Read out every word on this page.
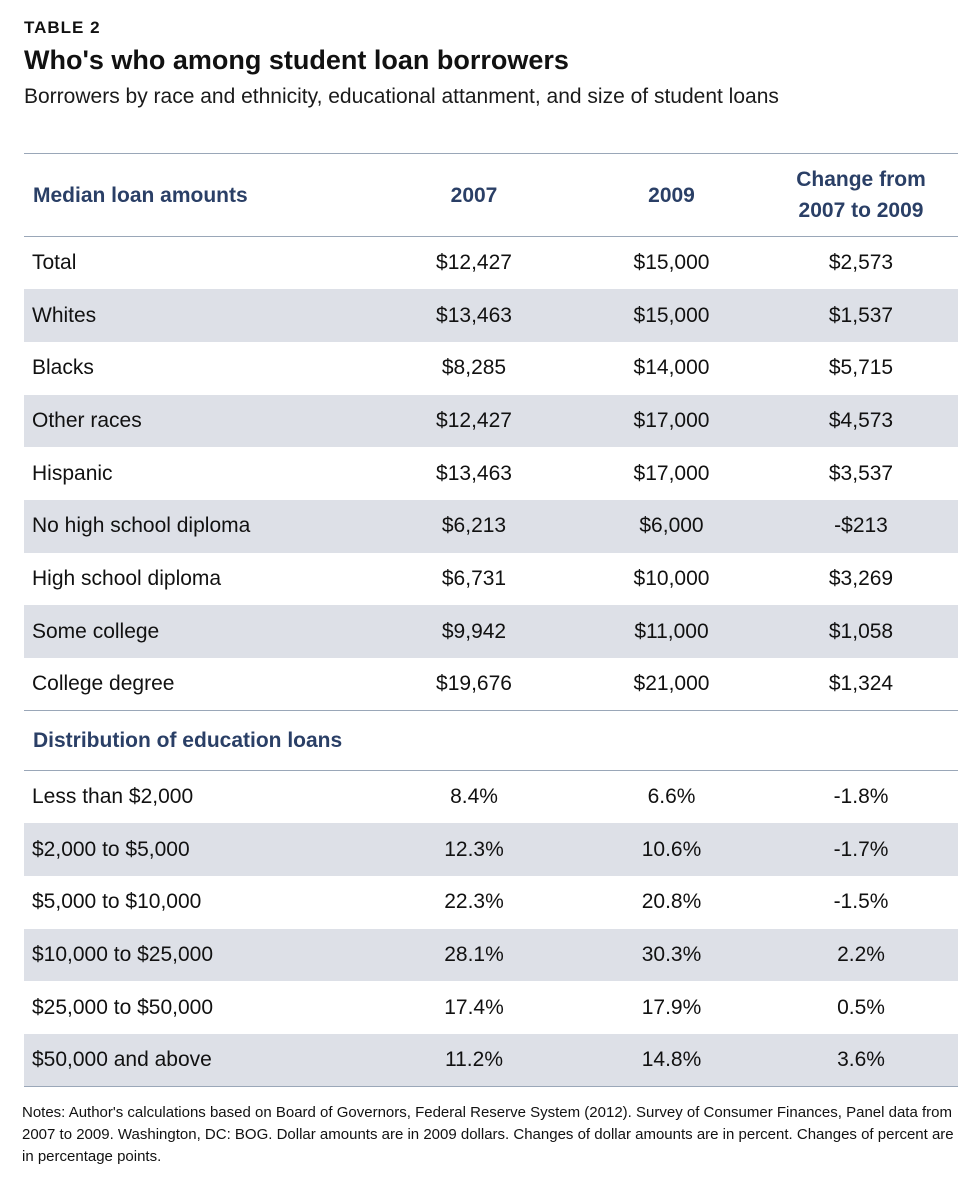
TABLE 2

Who's who among student loan borrowers

Borrowers by race and ethnicity, educational attanment, and size of student loans

Median loan amounts	2007	2009	Change from
2007 to 2009
Total	$12,427	$15,000	$2,573
Whites	$13,463	$15,000	$1,537
Blacks	$8,285	$14,000	$5,715
Other races	$12,427	$17,000	$4,573
Hispanic	$13,463	$17,000	$3,537
No high school diploma	$6,213	$6,000	-$213
High school diploma	$6,731	$10,000	$3,269
Some college	$9,942	$11,000	$1,058
College degree	$19,676	$21,000	$1,324
Distribution of education loans			
Less than $2,000	8.4%	6.6%	-1.8%
$2,000 to $5,000	12.3%	10.6%	-1.7%
$5,000 to $10,000	22.3%	20.8%	-1.5%
$10,000 to $25,000	28.1%	30.3%	2.2%
$25,000 to $50,000	17.4%	17.9%	0.5%
$50,000 and above	11.2%	14.8%	3.6%

Notes: Author's calculations based on Board of Governors, Federal Reserve System (2012). Survey of Consumer Finances, Panel data from 2007 to 2009. Washington, DC: BOG. Dollar amounts are in 2009 dollars. Changes of dollar amounts are in percent. Changes of percent are in percentage points.
